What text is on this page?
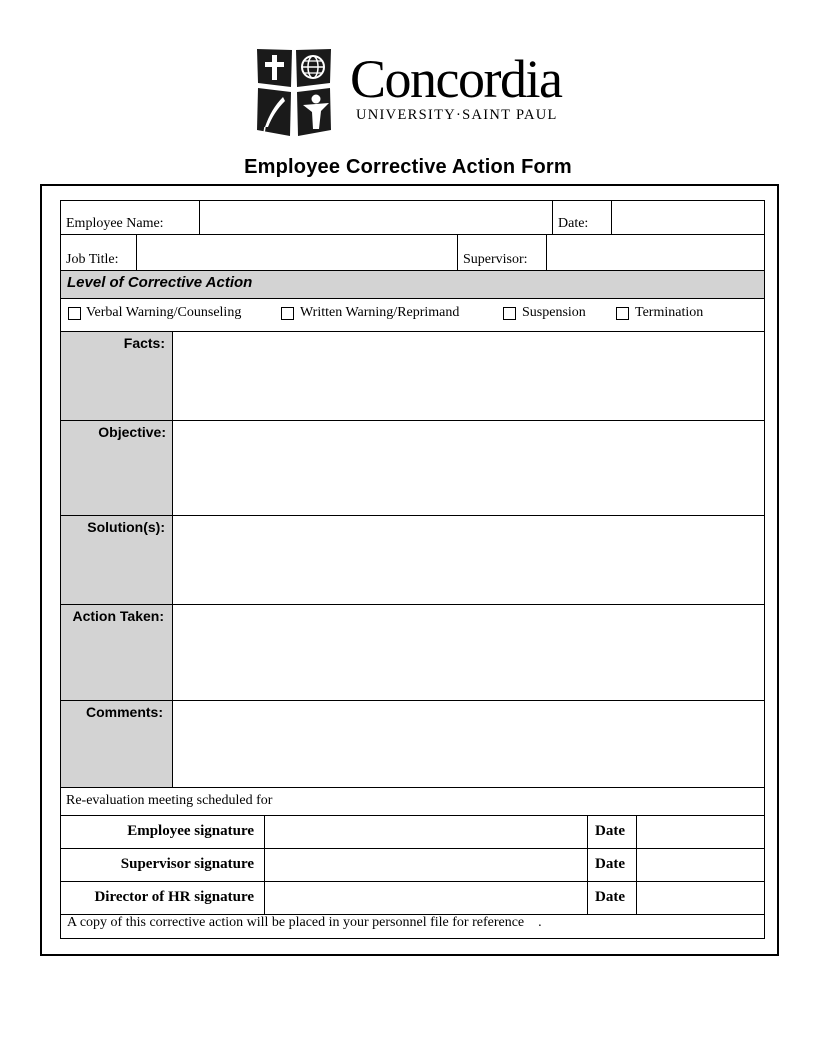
Concordia
UNIVERSITY·SAINT PAUL
Employee Corrective Action Form
Employee Name:	Date:
Job Title:	Supervisor:
Level of Corrective Action
Verbal Warning/Counseling	Written Warning/Reprimand	Suspension	Termination
Facts:
Objective:
Solution(s):
Action Taken:
Comments:
Re-evaluation meeting scheduled for
Employee signature	Date
Supervisor signature	Date
Director of HR signature	Date
A copy of this corrective action will be placed in your personnel file for reference    .
